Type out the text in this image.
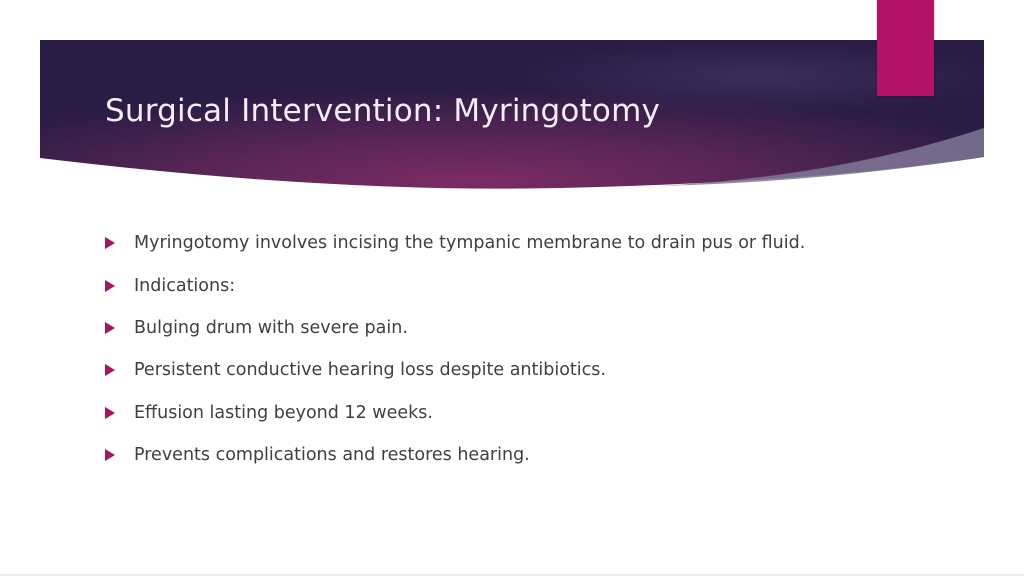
Surgical Intervention: Myringotomy
Myringotomy involves incising the tympanic membrane to drain pus or fluid.
Indications:
Bulging drum with severe pain.
Persistent conductive hearing loss despite antibiotics.
Effusion lasting beyond 12 weeks.
Prevents complications and restores hearing.
